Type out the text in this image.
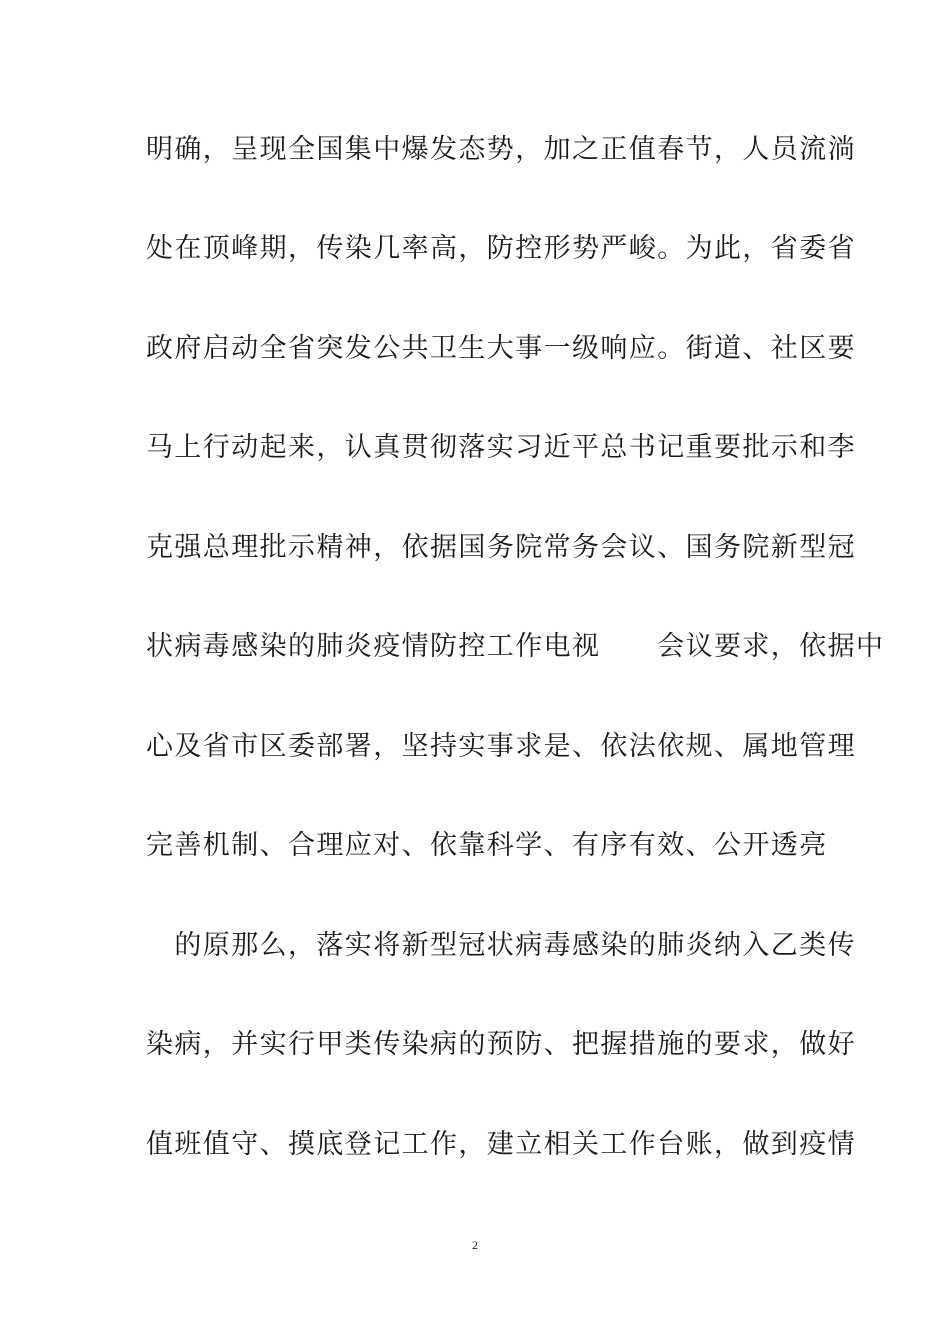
明确，呈现全国集中爆发态势，加之正值春节，人员流淌
处在顶峰期，传染几率高，防控形势严峻。为此，省委省
政府启动全省突发公共卫生大事一级响应。街道、社区要
马上行动起来，认真贯彻落实习近平总书记重要批示和李
克强总理批示精神，依据国务院常务会议、国务院新型冠
状病毒感染的肺炎疫情防控工作电视　　会议要求，依据中
心及省市区委部署，坚持实事求是、依法依规、属地管理
完善机制、合理应对、依靠科学、有序有效、公开透亮
　的原那么，落实将新型冠状病毒感染的肺炎纳入乙类传
染病，并实行甲类传染病的预防、把握措施的要求，做好
值班值守、摸底登记工作，建立相关工作台账，做到疫情
2
